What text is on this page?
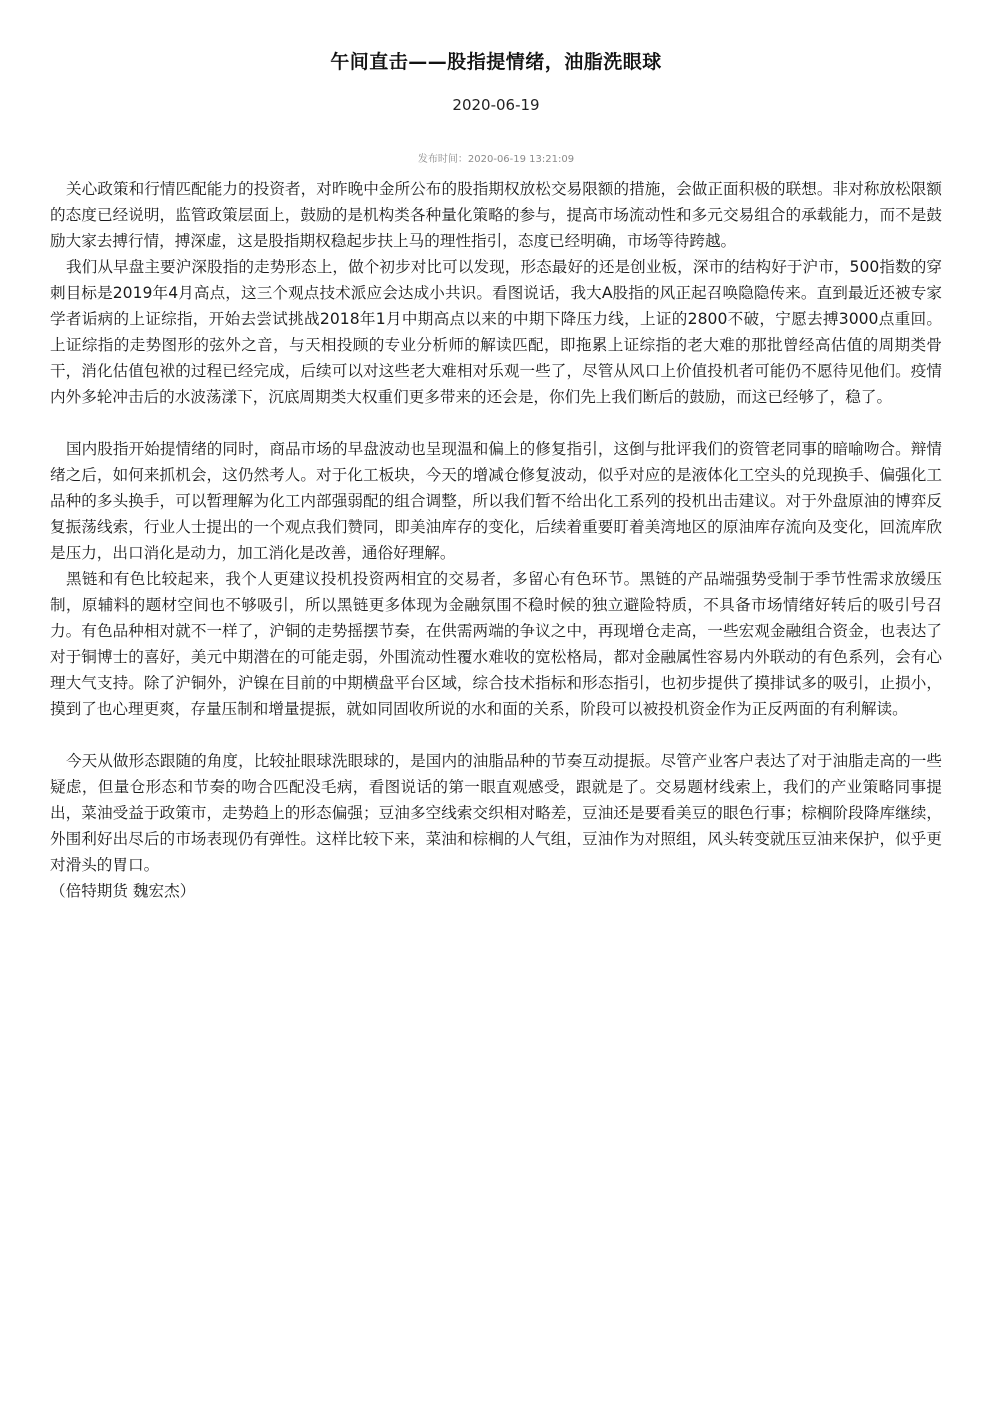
午间直击——股指提情绪，油脂洗眼球
2020-06-19
发布时间：2020-06-19 13:21:09

关心政策和行情匹配能力的投资者，对昨晚中金所公布的股指期权放松交易限额的措施，会做正面积极的联想。非对称放松限额的态度已经说明，监管政策层面上，鼓励的是机构类各种量化策略的参与，提高市场流动性和多元交易组合的承载能力，而不是鼓励大家去搏行情，搏深虚，这是股指期权稳起步扶上马的理性指引，态度已经明确，市场等待跨越。

我们从早盘主要沪深股指的走势形态上，做个初步对比可以发现，形态最好的还是创业板，深市的结构好于沪市，500指数的穿刺目标是2019年4月高点，这三个观点技术派应会达成小共识。看图说话，我大A股指的风正起召唤隐隐传来。直到最近还被专家学者诟病的上证综指，开始去尝试挑战2018年1月中期高点以来的中期下降压力线，上证的2800不破，宁愿去搏3000点重回。上证综指的走势图形的弦外之音，与天相投顾的专业分析师的解读匹配，即拖累上证综指的老大难的那批曾经高估值的周期类骨干，消化估值包袱的过程已经完成，后续可以对这些老大难相对乐观一些了，尽管从风口上价值投机者可能仍不愿待见他们。疫情内外多轮冲击后的水波荡漾下，沉底周期类大权重们更多带来的还会是，你们先上我们断后的鼓励，而这已经够了，稳了。

国内股指开始提情绪的同时，商品市场的早盘波动也呈现温和偏上的修复指引，这倒与批评我们的资管老同事的暗喻吻合。辩情绪之后，如何来抓机会，这仍然考人。对于化工板块，今天的增减仓修复波动，似乎对应的是液体化工空头的兑现换手、偏强化工品种的多头换手，可以暂理解为化工内部强弱配的组合调整，所以我们暂不给出化工系列的投机出击建议。对于外盘原油的博弈反复振荡线索，行业人士提出的一个观点我们赞同，即美油库存的变化，后续着重要盯着美湾地区的原油库存流向及变化，回流库欣是压力，出口消化是动力，加工消化是改善，通俗好理解。

黑链和有色比较起来，我个人更建议投机投资两相宜的交易者，多留心有色环节。黑链的产品端强势受制于季节性需求放缓压制，原辅料的题材空间也不够吸引，所以黑链更多体现为金融氛围不稳时候的独立避险特质，不具备市场情绪好转后的吸引号召力。有色品种相对就不一样了，沪铜的走势摇摆节奏，在供需两端的争议之中，再现增仓走高，一些宏观金融组合资金，也表达了对于铜博士的喜好，美元中期潜在的可能走弱，外围流动性覆水难收的宽松格局，都对金融属性容易内外联动的有色系列，会有心理大气支持。除了沪铜外，沪镍在目前的中期横盘平台区域，综合技术指标和形态指引，也初步提供了摸排试多的吸引，止损小，摸到了也心理更爽，存量压制和增量提振，就如同固收所说的水和面的关系，阶段可以被投机资金作为正反两面的有利解读。

今天从做形态跟随的角度，比较扯眼球洗眼球的，是国内的油脂品种的节奏互动提振。尽管产业客户表达了对于油脂走高的一些疑虑，但量仓形态和节奏的吻合匹配没毛病，看图说话的第一眼直观感受，跟就是了。交易题材线索上，我们的产业策略同事提出，菜油受益于政策市，走势趋上的形态偏强；豆油多空线索交织相对略差，豆油还是要看美豆的眼色行事；棕榈阶段降库继续，外围利好出尽后的市场表现仍有弹性。这样比较下来，菜油和棕榈的人气组，豆油作为对照组，风头转变就压豆油来保护，似乎更对滑头的胃口。

（倍特期货 魏宏杰）
